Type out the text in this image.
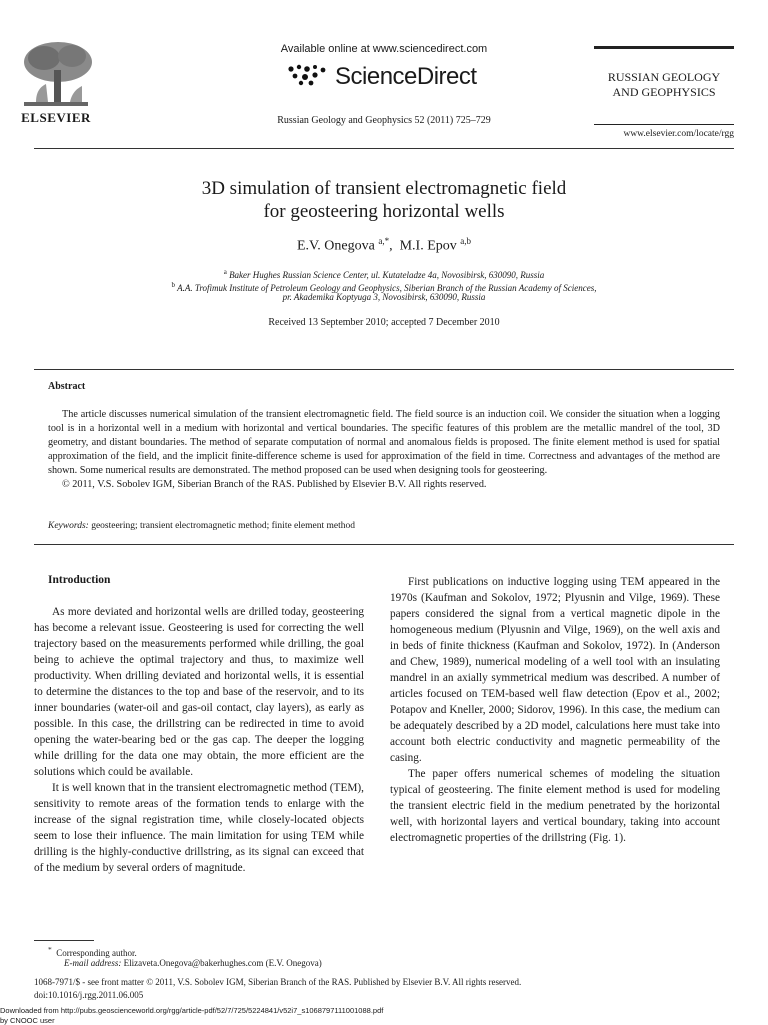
ELSEVIER
Available online at www.sciencedirect.com
ScienceDirect
Russian Geology and Geophysics 52 (2011) 725–729
RUSSIAN GEOLOGY
AND GEOPHYSICS
www.elsevier.com/locate/rgg
3D simulation of transient electromagnetic field
for geosteering horizontal wells
E.V. Onegova $^{a,*}$,  M.I. Epov $^{a,b}$
$^a$ Baker Hughes Russian Science Center, ul. Kutateladze 4a, Novosibirsk, 630090, Russia
$^b$ A.A. Trofimuk Institute of Petroleum Geology and Geophysics, Siberian Branch of the Russian Academy of Sciences,
pr. Akademika Koptyuga 3, Novosibirsk, 630090, Russia
Received 13 September 2010; accepted 7 December 2010
Abstract

The article discusses numerical simulation of the transient electromagnetic field. The field source is an induction coil. We consider the situation when a logging tool is in a horizontal well in a medium with horizontal and vertical boundaries. The specific features of this problem are the metallic mandrel of the tool, 3D geometry, and distant boundaries. The method of separate computation of normal and anomalous fields is proposed. The finite element method is used for spatial approximation of the field, and the implicit finite-difference scheme is used for approximation of the field in time. Correctness and advantages of the method are shown. Some numerical results are demonstrated. The method proposed can be used when designing tools for geosteering.

© 2011, V.S. Sobolev IGM, Siberian Branch of the RAS. Published by Elsevier B.V. All rights reserved.

Keywords: geosteering; transient electromagnetic method; finite element method
Introduction

As more deviated and horizontal wells are drilled today, geosteering has become a relevant issue. Geosteering is used for correcting the well trajectory based on the measurements performed while drilling, the goal being to achieve the optimal trajectory and thus, to maximize well productivity. When drilling deviated and horizontal wells, it is essential to determine the distances to the top and base of the reservoir, and to its inner boundaries (water-oil and gas-oil contact, clay layers), as early as possible. In this case, the drillstring can be redirected in time to avoid opening the water-bearing bed or the gas cap. The deeper the logging while drilling for the data one may obtain, the more efficient are the solutions which could be available.

It is well known that in the transient electromagnetic method (TEM), sensitivity to remote areas of the formation tends to enlarge with the increase of the signal registration time, while closely-located objects seem to lose their influence. The main limitation for using TEM while drilling is the highly-conductive drillstring, as its signal can exceed that of the medium by several orders of magnitude.

First publications on inductive logging using TEM appeared in the 1970s (Kaufman and Sokolov, 1972; Plyusnin and Vilge, 1969). These papers considered the signal from a vertical magnetic dipole in the homogeneous medium (Plyusnin and Vilge, 1969), on the well axis and in beds of finite thickness (Kaufman and Sokolov, 1972). In (Anderson and Chew, 1989), numerical modeling of a well tool with an insulating mandrel in an axially symmetrical medium was described. A number of articles focused on TEM-based well flaw detection (Epov et al., 2002; Potapov and Kneller, 2000; Sidorov, 1996). In this case, the medium can be adequately described by a 2D model, calculations here must take into account both electric conductivity and magnetic permeability of the casing.

The paper offers numerical schemes of modeling the situation typical of geosteering. The finite element method is used for modeling the transient electric field in the medium penetrated by the horizontal well, with horizontal layers and vertical boundary, taking into account electromagnetic properties of the drillstring (Fig. 1).

* Corresponding author.
E-mail address: Elizaveta.Onegova@bakerhughes.com (E.V. Onegova)
1068-7971/$ - see front matter © 2011, V.S. Sobolev IGM, Siberian Branch of the RAS. Published by Elsevier B.V. All rights reserved.
doi:10.1016/j.rgg.2011.06.005
Downloaded from http://pubs.geoscienceworld.org/rgg/article-pdf/52/7/725/5224841/v52i7_s1068797111001088.pdf
by CNOOC user
